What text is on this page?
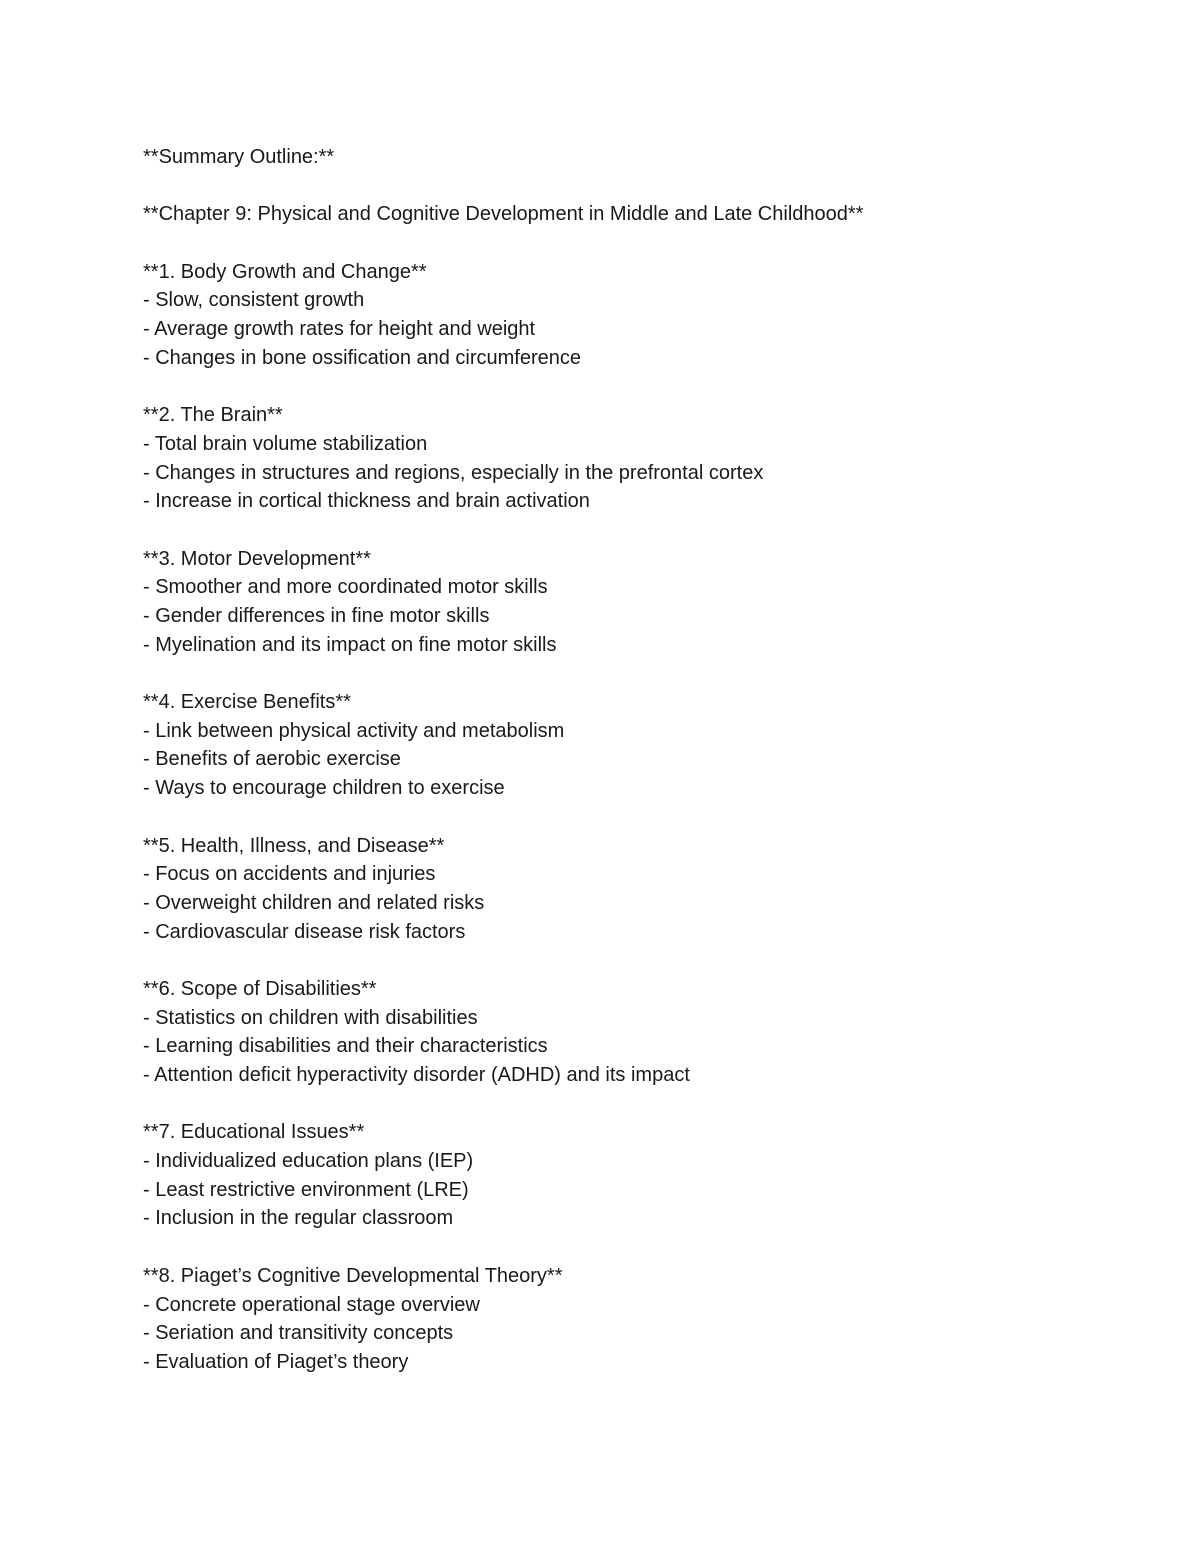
**Summary Outline:**
**Chapter 9: Physical and Cognitive Development in Middle and Late Childhood**
**1. Body Growth and Change**
- Slow, consistent growth
- Average growth rates for height and weight
- Changes in bone ossification and circumference
**2. The Brain**
- Total brain volume stabilization
- Changes in structures and regions, especially in the prefrontal cortex
- Increase in cortical thickness and brain activation
**3. Motor Development**
- Smoother and more coordinated motor skills
- Gender differences in fine motor skills
- Myelination and its impact on fine motor skills
**4. Exercise Benefits**
- Link between physical activity and metabolism
- Benefits of aerobic exercise
- Ways to encourage children to exercise
**5. Health, Illness, and Disease**
- Focus on accidents and injuries
- Overweight children and related risks
- Cardiovascular disease risk factors
**6. Scope of Disabilities**
- Statistics on children with disabilities
- Learning disabilities and their characteristics
- Attention deficit hyperactivity disorder (ADHD) and its impact
**7. Educational Issues**
- Individualized education plans (IEP)
- Least restrictive environment (LRE)
- Inclusion in the regular classroom
**8. Piaget’s Cognitive Developmental Theory**
- Concrete operational stage overview
- Seriation and transitivity concepts
- Evaluation of Piaget’s theory
